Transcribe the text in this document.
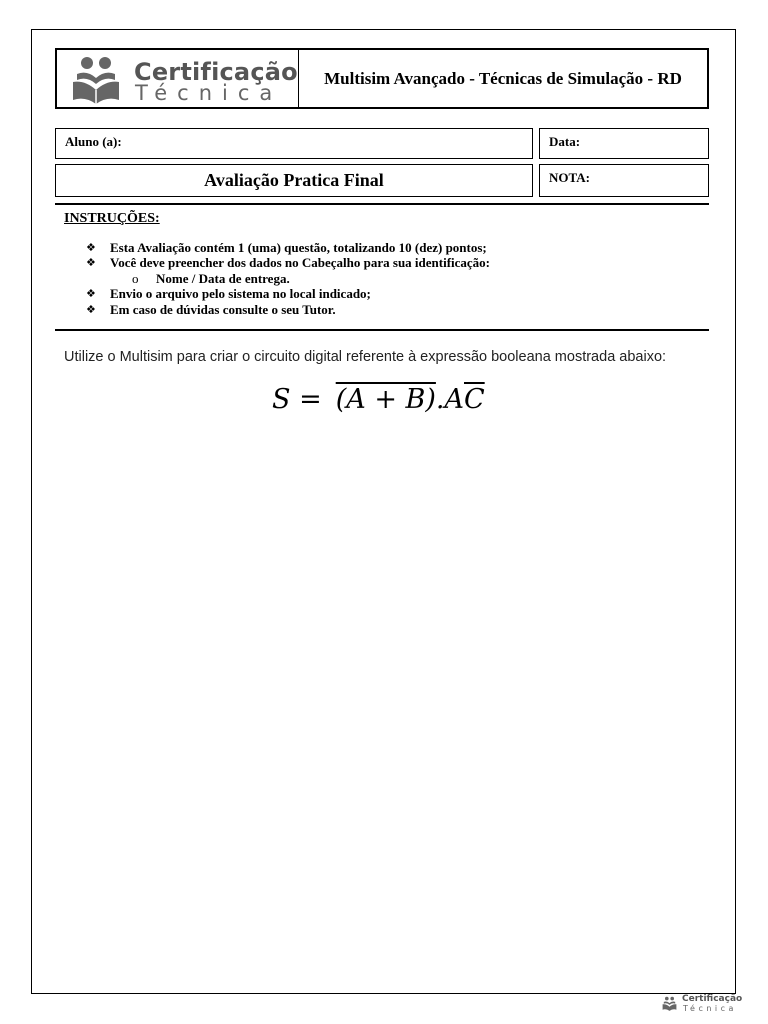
Certificação
Técnica
Multisim Avançado - Técnicas de Simulação - RD
Aluno (a):	Data:
Avaliação Pratica Final	NOTA:
INSTRUÇÕES:
❖ Esta Avaliação contém 1 (uma) questão, totalizando 10 (dez) pontos;
❖ Você deve preencher dos dados no Cabeçalho para sua identificação:
o Nome / Data de entrega.
❖ Envio o arquivo pelo sistema no local indicado;
❖ Em caso de dúvidas consulte o seu Tutor.
Utilize o Multisim para criar o circuito digital referente à expressão booleana mostrada abaixo:
$S = (A + B).A\overline{C}$
Certificação
Técnica
